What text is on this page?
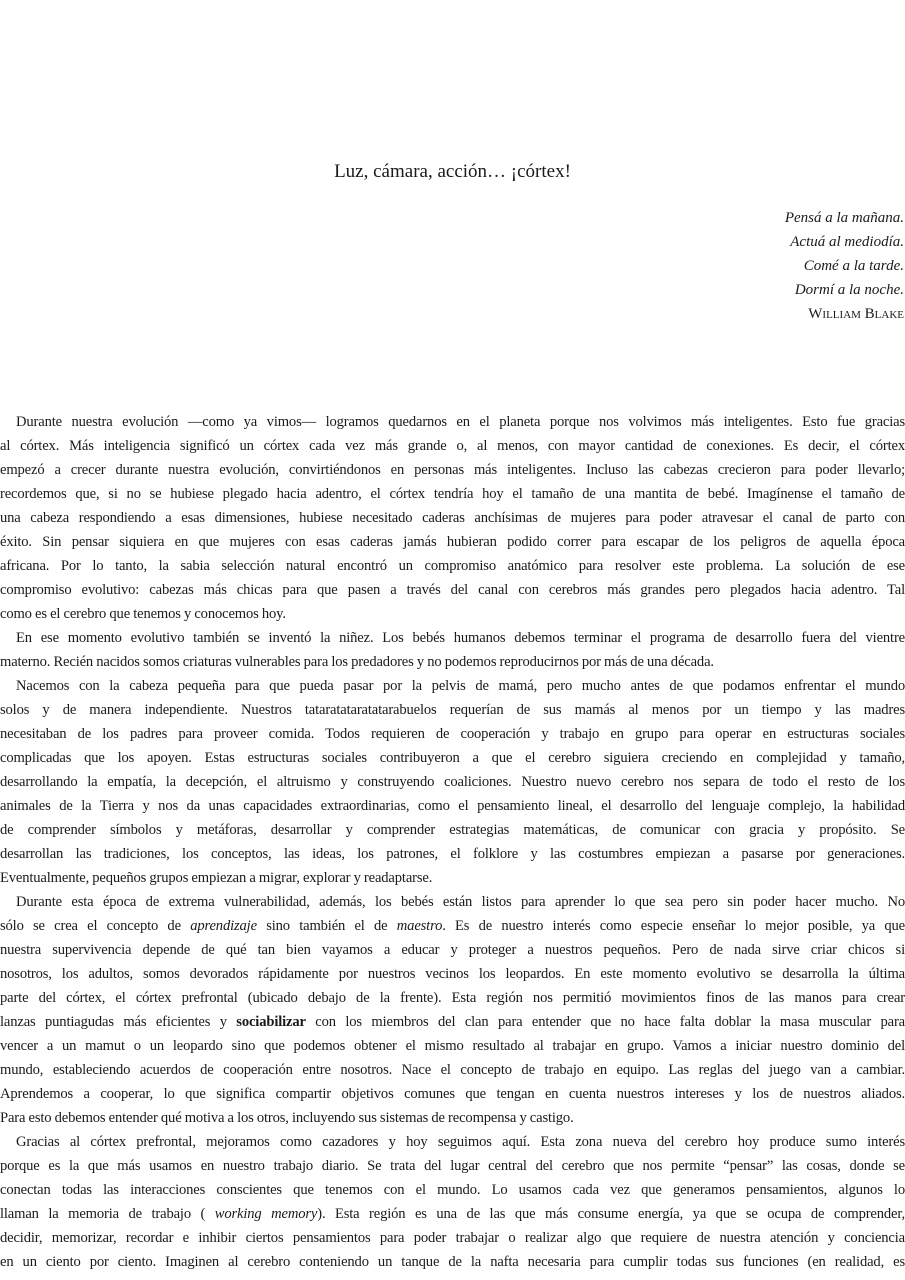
Luz, cámara, acción… ¡córtex!
Pensá a la mañana.
Actuá al mediodía.
Comé a la tarde.
Dormí a la noche.
William Blake
Durante nuestra evolución —como ya vimos— logramos quedarnos en el planeta porque nos volvimos más inteligentes. Esto fue gracias
al córtex. Más inteligencia significó un córtex cada vez más grande o, al menos, con mayor cantidad de conexiones. Es decir, el córtex
empezó a crecer durante nuestra evolución, convirtiéndonos en personas más inteligentes. Incluso las cabezas crecieron para poder llevarlo;
recordemos que, si no se hubiese plegado hacia adentro, el córtex tendría hoy el tamaño de una mantita de bebé. Imagínense el tamaño de
una cabeza respondiendo a esas dimensiones, hubiese necesitado caderas anchísimas de mujeres para poder atravesar el canal de parto con
éxito. Sin pensar siquiera en que mujeres con esas caderas jamás hubieran podido correr para escapar de los peligros de aquella época
africana. Por lo tanto, la sabia selección natural encontró un compromiso anatómico para resolver este problema. La solución de ese
compromiso evolutivo: cabezas más chicas para que pasen a través del canal con cerebros más grandes pero plegados hacia adentro. Tal
como es el cerebro que tenemos y conocemos hoy.
En ese momento evolutivo también se inventó la niñez. Los bebés humanos debemos terminar el programa de desarrollo fuera del vientre
materno. Recién nacidos somos criaturas vulnerables para los predadores y no podemos reproducirnos por más de una década.
Nacemos con la cabeza pequeña para que pueda pasar por la pelvis de mamá, pero mucho antes de que podamos enfrentar el mundo
solos y de manera independiente. Nuestros tataratataratatarabuelos requerían de sus mamás al menos por un tiempo y las madres
necesitaban de los padres para proveer comida. Todos requieren de cooperación y trabajo en grupo para operar en estructuras sociales
complicadas que los apoyen. Estas estructuras sociales contribuyeron a que el cerebro siguiera creciendo en complejidad y tamaño,
desarrollando la empatía, la decepción, el altruismo y construyendo coaliciones. Nuestro nuevo cerebro nos separa de todo el resto de los
animales de la Tierra y nos da unas capacidades extraordinarias, como el pensamiento lineal, el desarrollo del lenguaje complejo, la habilidad
de comprender símbolos y metáforas, desarrollar y comprender estrategias matemáticas, de comunicar con gracia y propósito. Se
desarrollan las tradiciones, los conceptos, las ideas, los patrones, el folklore y las costumbres empiezan a pasarse por generaciones.
Eventualmente, pequeños grupos empiezan a migrar, explorar y readaptarse.
Durante esta época de extrema vulnerabilidad, además, los bebés están listos para aprender lo que sea pero sin poder hacer mucho. No
sólo se crea el concepto de aprendizaje sino también el de maestro. Es de nuestro interés como especie enseñar lo mejor posible, ya que
nuestra supervivencia depende de qué tan bien vayamos a educar y proteger a nuestros pequeños. Pero de nada sirve criar chicos si
nosotros, los adultos, somos devorados rápidamente por nuestros vecinos los leopardos. En este momento evolutivo se desarrolla la última
parte del córtex, el córtex prefrontal (ubicado debajo de la frente). Esta región nos permitió movimientos finos de las manos para crear
lanzas puntiagudas más eficientes y sociabilizar con los miembros del clan para entender que no hace falta doblar la masa muscular para
vencer a un mamut o un leopardo sino que podemos obtener el mismo resultado al trabajar en grupo. Vamos a iniciar nuestro dominio del
mundo, estableciendo acuerdos de cooperación entre nosotros. Nace el concepto de trabajo en equipo. Las reglas del juego van a cambiar.
Aprendemos a cooperar, lo que significa compartir objetivos comunes que tengan en cuenta nuestros intereses y los de nuestros aliados.
Para esto debemos entender qué motiva a los otros, incluyendo sus sistemas de recompensa y castigo.
Gracias al córtex prefrontal, mejoramos como cazadores y hoy seguimos aquí. Esta zona nueva del cerebro hoy produce sumo interés
porque es la que más usamos en nuestro trabajo diario. Se trata del lugar central del cerebro que nos permite “pensar” las cosas, donde se
conectan todas las interacciones conscientes que tenemos con el mundo. Lo usamos cada vez que generamos pensamientos, algunos lo
llaman la memoria de trabajo ( working memory). Esta región es una de las que más consume energía, ya que se ocupa de comprender,
decidir, memorizar, recordar e inhibir ciertos pensamientos para poder trabajar o realizar algo que requiere de nuestra atención y conciencia
en un ciento por ciento. Imaginen al cerebro conteniendo un tanque de la nafta necesaria para cumplir todas sus funciones (en realidad, es
